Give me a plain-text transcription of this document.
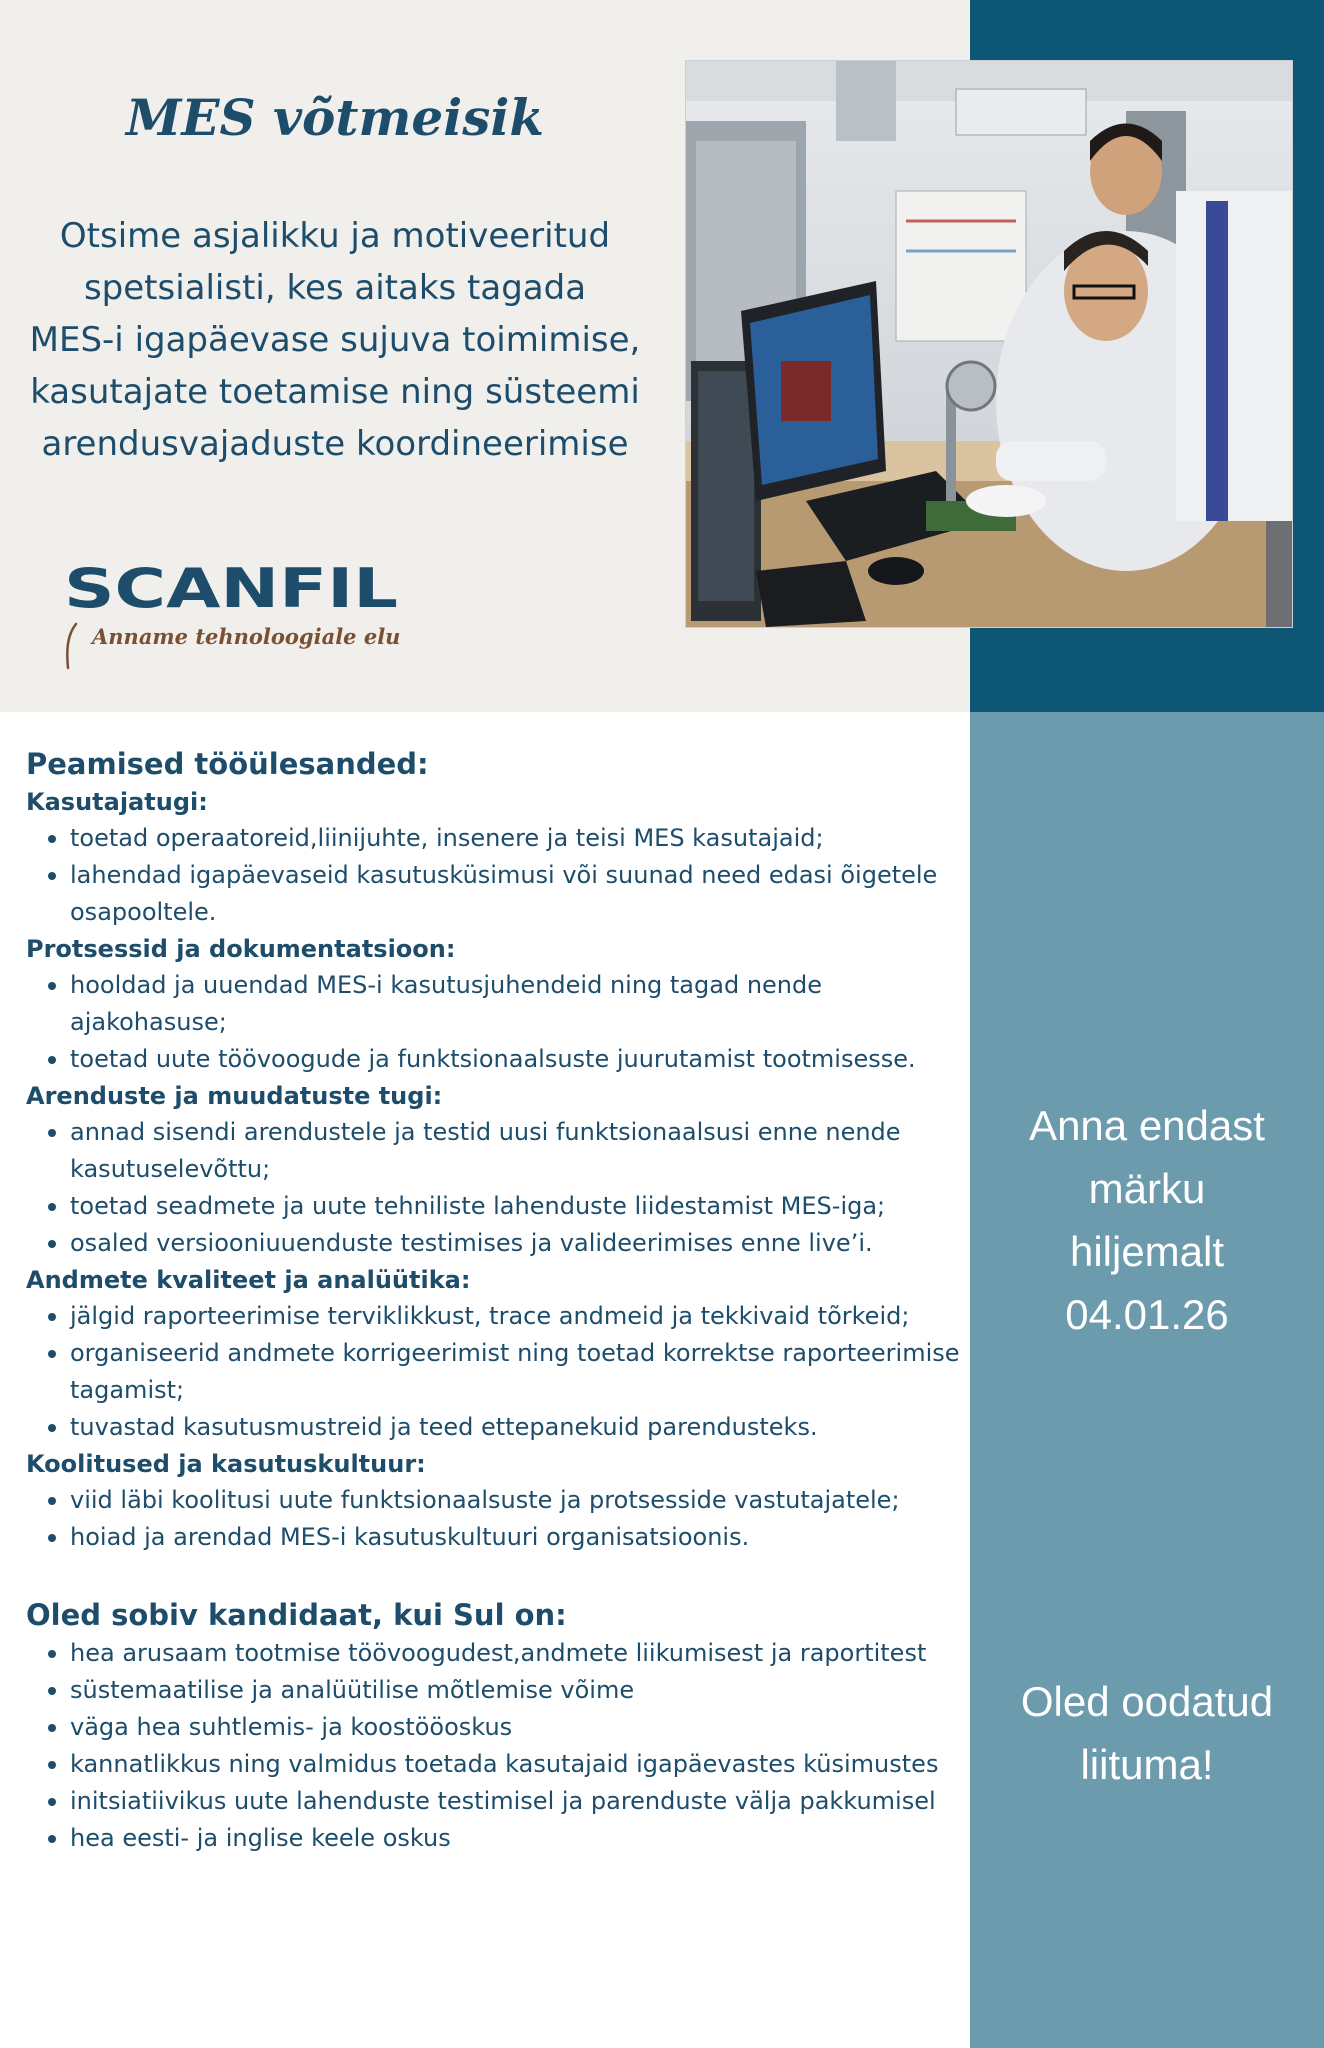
MES võtmeisik
Otsime asjalikku ja motiveeritud
spetsialisti, kes aitaks tagada
MES-i igapäevase sujuva toimimise,
kasutajate toetamise ning süsteemi
arendusvajaduste koordineerimise
SCANFIL
Anname tehnoloogiale elu
Peamised tööülesanded:
Kasutajatugi:
toetad operaatoreid,liinijuhte, insenere ja teisi MES kasutajaid;
lahendad igapäevaseid kasutusküsimusi või suunad need edasi õigetele osapooltele.
Protsessid ja dokumentatsioon:
hooldad ja uuendad MES-i kasutusjuhendeid ning tagad nende ajakohasuse;
toetad uute töövoogude ja funktsionaalsuste juurutamist tootmisesse.
Arenduste ja muudatuste tugi:
annad sisendi arendustele ja testid uusi funktsionaalsusi enne nende kasutuselevõttu;
toetad seadmete ja uute tehniliste lahenduste liidestamist MES-iga;
osaled versiooniuuenduste testimises ja valideerimises enne live’i.
Andmete kvaliteet ja analüütika:
jälgid raporteerimise terviklikkust, trace andmeid ja tekkivaid tõrkeid;
organiseerid andmete korrigeerimist ning toetad korrektse raporteerimise tagamist;
tuvastad kasutusmustreid ja teed ettepanekuid parendusteks.
Koolitused ja kasutuskultuur:
viid läbi koolitusi uute funktsionaalsuste ja protsesside vastutajatele;
hoiad ja arendad MES-i kasutuskultuuri organisatsioonis.
Oled sobiv kandidaat, kui Sul on:
hea arusaam tootmise töövoogudest,andmete liikumisest ja raportitest
süstemaatilise ja analüütilise mõtlemise võime
väga hea suhtlemis- ja koostööoskus
kannatlikkus ning valmidus toetada kasutajaid igapäevastes küsimustes
initsiatiivikus uute lahenduste testimisel ja parenduste välja pakkumisel
hea eesti- ja inglise keele oskus
Anna endast
märku
hiljemalt
04.01.26
Oled oodatud
liituma!
